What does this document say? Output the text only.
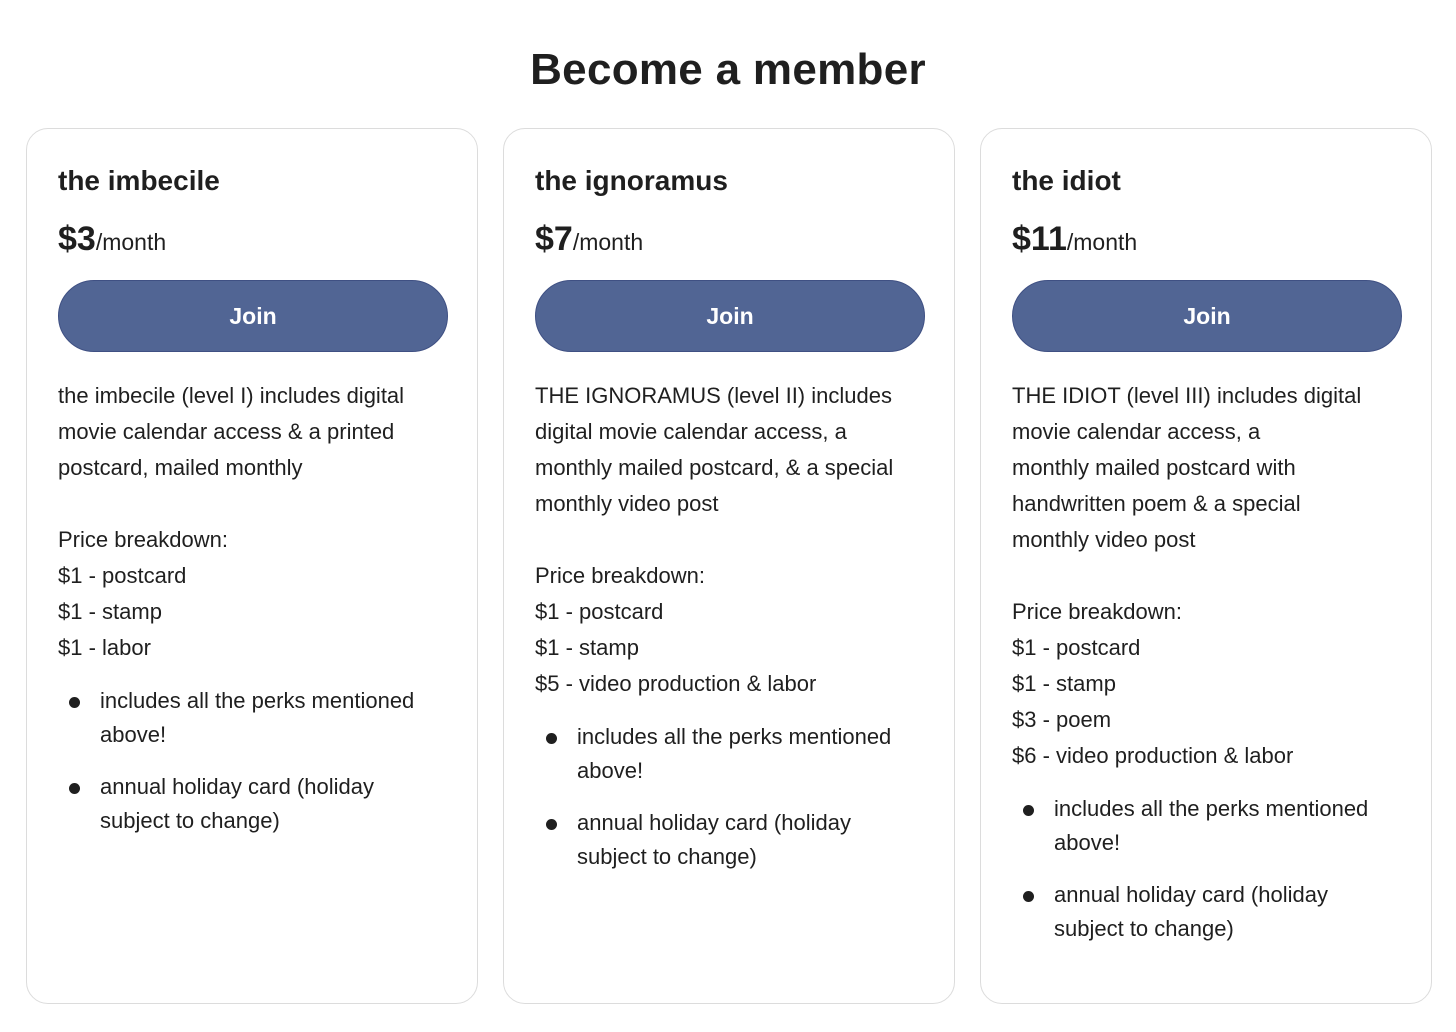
Become a member
the imbecile
$3/month
Join

the imbecile (level I) includes digital

movie calendar access & a printed

postcard, mailed monthly

Price breakdown:

$1 - postcard

$1 - stamp

$1 - labor

includes all the perks mentioned above!
annual holiday card (holiday subject to change)
the ignoramus
$7/month
Join

THE IGNORAMUS (level II) includes

digital movie calendar access, a

monthly mailed postcard, & a special

monthly video post

Price breakdown:

$1 - postcard

$1 - stamp

$5 - video production & labor

includes all the perks mentioned above!
annual holiday card (holiday subject to change)
the idiot
$11/month
Join

THE IDIOT (level III) includes digital

movie calendar access, a

monthly mailed postcard with

handwritten poem & a special

monthly video post

Price breakdown:

$1 - postcard

$1 - stamp

$3 - poem

$6 - video production & labor

includes all the perks mentioned above!
annual holiday card (holiday subject to change)
